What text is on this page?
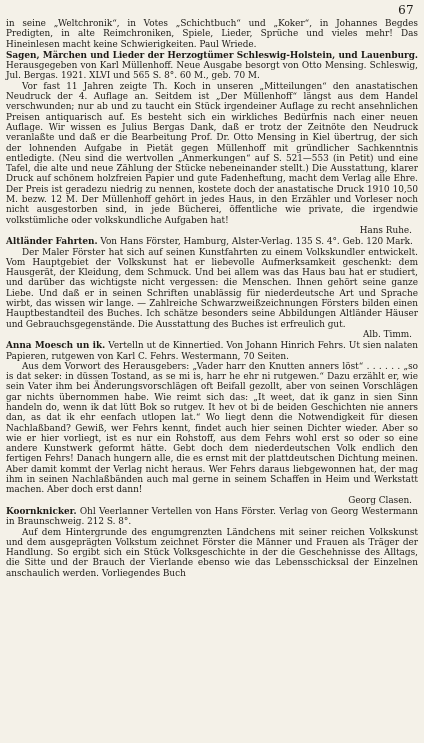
67

in seine „Weltchronik“, in Votes „Schichtbuch“ und „Koker“, in Johannes Begdes Predigten, in alte Reimchroniken, Spiele, Lieder, Sprüche und vieles mehr! Das Hineinlesen macht keine Schwierigkeiten. Paul Wriede.

Sagen, Märchen und Lieder der Herzogtümer Schleswig-Holstein, und Lauenburg. Herausgegeben von Karl Müllenhoff. Neue Ausgabe besorgt von Otto Mensing. Schleswig, Jul. Bergas. 1921. XLVI und 565 S. 8°. 60 M., geb. 70 M.

Vor fast 11 Jahren zeigte Th. Koch in unseren „Mitteilungen“ den anastatischen Neudruck der 4. Auflage an. Seitdem ist „Der Müllenhoff“ längst aus dem Handel verschwunden; nur ab und zu taucht ein Stück irgendeiner Auflage zu recht ansehnlichen Preisen antiquarisch auf. Es besteht sich ein wirkliches Bedürfnis nach einer neuen Auflage. Wir wissen es Julius Bergas Dank, daß er trotz der Zeitnöte den Neudruck veranlaßte und daß er die Bearbeitung Prof. Dr. Otto Mensing in Kiel übertrug, der sich der lohnenden Aufgabe in Pietät gegen Müllenhoff mit gründlicher Sachkenntnis entledigte. (Neu sind die wertvollen „Anmerkungen“ auf S. 521—553 (in Petit) und eine Tafel, die alte und neue Zählung der Stücke nebeneinander stellt.) Die Ausstattung, klarer Druck auf schönem holzfreien Papier und gute Fadenheftung, macht dem Verlag alle Ehre. Der Preis ist geradezu niedrig zu nennen, kostete doch der anastatische Druck 1910 10,50 M. bezw. 12 M. Der Müllenhoff gehört in jedes Haus, in den Erzähler und Vorleser noch nicht ausgestorben sind, in jede Bücherei, öffentliche wie private, die irgendwie volkstümliche oder volkskundliche Aufgaben hat!

Hans Ruhe.

Altländer Fahrten. Von Hans Förster, Hamburg, Alster-Verlag. 135 S. 4°. Geb. 120 Mark.

Der Maler Förster hat sich auf seinen Kunstfahrten zu einem Volkskundler entwickelt. Vom Hauptgebiet der Volkskunst hat er liebevolle Aufmerksamkeit geschenkt: dem Hausgerät, der Kleidung, dem Schmuck. Und bei allem was das Haus bau hat er studiert, und darüber das wichtigste nicht vergessen: die Menschen. Ihnen gehört seine ganze Liebe. Und daß er in seinen Schriften unablässig für niederdeutsche Art und Sprache wirbt, das wissen wir lange. — Zahlreiche Schwarzweißzeichnungen Försters bilden einen Hauptbestandteil des Buches. Ich schätze besonders seine Abbildungen Altländer Häuser und Gebrauchsgegenstände. Die Ausstattung des Buches ist erfreulich gut.

Alb. Timm.

Anna Moesch un ik. Vertelln ut de Kinnertied. Von Johann Hinrich Fehrs. Ut sien nalaten Papieren, rutgewen von Karl C. Fehrs. Westermann, 70 Seiten.

Aus dem Vorwort des Herausgebers: „Vader harr den Knutten anners löst“ . . . . . . „so is dat seker: in düssen Tostand, as se mi is, harr he ehr ni rutgewen.“ Dazu erzählt er, wie sein Vater ihm bei Änderungsvorschlägen oft Beifall gezollt, aber von seinen Vorschlägen gar nichts übernommen habe. Wie reimt sich das: „It weet, dat ik ganz in sien Sinn handeln do, wenn ik dat lütt Bok so rutgev. It hev ot bi de beiden Geschichten nie anners dan, as dat ik ehr eenfach utlopen lat.“ Wo liegt denn die Notwendigkeit für diesen Nachlaßband? Gewiß, wer Fehrs kennt, findet auch hier seinen Dichter wieder. Aber so wie er hier vorliegt, ist es nur ein Rohstoff, aus dem Fehrs wohl erst so oder so eine andere Kunstwerk geformt hätte. Gebt doch dem niederdeutschen Volk endlich den fertigen Fehrs! Danach hungern alle, die es ernst mit der plattdeutschen Dichtung meinen. Aber damit kommt der Verlag nicht heraus. Wer Fehrs daraus liebgewonnen hat, der mag ihm in seinen Nachlaßbänden auch mal gerne in seinem Schaffen in Heim und Werkstatt machen. Aber doch erst dann!

Georg Clasen.

Koornknicker. Ohl Veerlanner Vertellen von Hans Förster. Verlag von Georg Westermann in Braunschweig. 212 S. 8°.

Auf dem Hintergrunde des engumgrenzten Ländchens mit seiner reichen Volkskunst und dem ausgeprägten Volkstum zeichnet Förster die Männer und Frauen als Träger der Handlung. So ergibt sich ein Stück Volksgeschichte in der die Geschehnisse des Alltags, die Sitte und der Brauch der Vierlande ebenso wie das Lebensschicksal der Einzelnen anschaulich werden. Vorliegendes Buch
